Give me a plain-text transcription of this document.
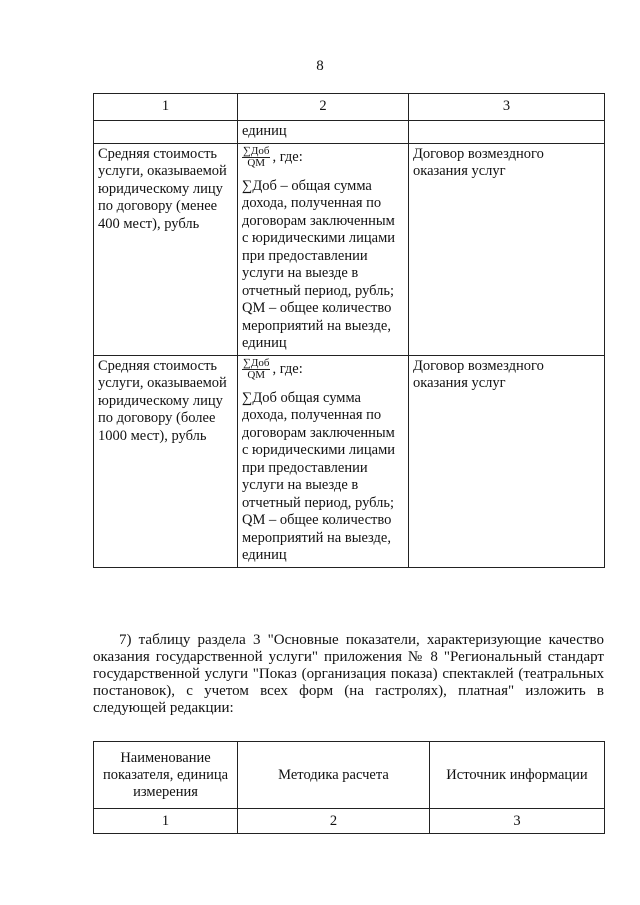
8
1	2	3
	единиц	
Средняя стоимость услуги, оказываемой юридическому лицу по договору (менее 400 мест), рубль	$\frac{\text{∑Доб}}{QM}$ , где:
∑Доб – общая сумма дохода, полученная по договорам заключенным с юридическими лицами при предоставлении услуги на выезде в отчетный период, рубль;
QM – общее количество мероприятий на выезде, единиц	Договор возмездного оказания услуг
Средняя стоимость услуги, оказываемой юридическому лицу по договору (более 1000 мест), рубль	$\frac{\text{∑Доб}}{QM}$ , где:
∑Доб общая сумма дохода, полученная по договорам заключенным с юридическими лицами при предоставлении услуги на выезде в отчетный период, рубль;
QM – общее количество мероприятий на выезде, единиц	Договор возмездного оказания услуг
7) таблицу раздела 3 "Основные показатели, характеризующие качество оказания государственной услуги" приложения № 8 "Региональный стандарт государственной услуги "Показ (организация показа) спектаклей (театральных постановок), с учетом всех форм (на гастролях), платная" изложить в следующей редакции:
Наименование показателя, единица измерения	Методика расчета	Источник информации
1	2	3
